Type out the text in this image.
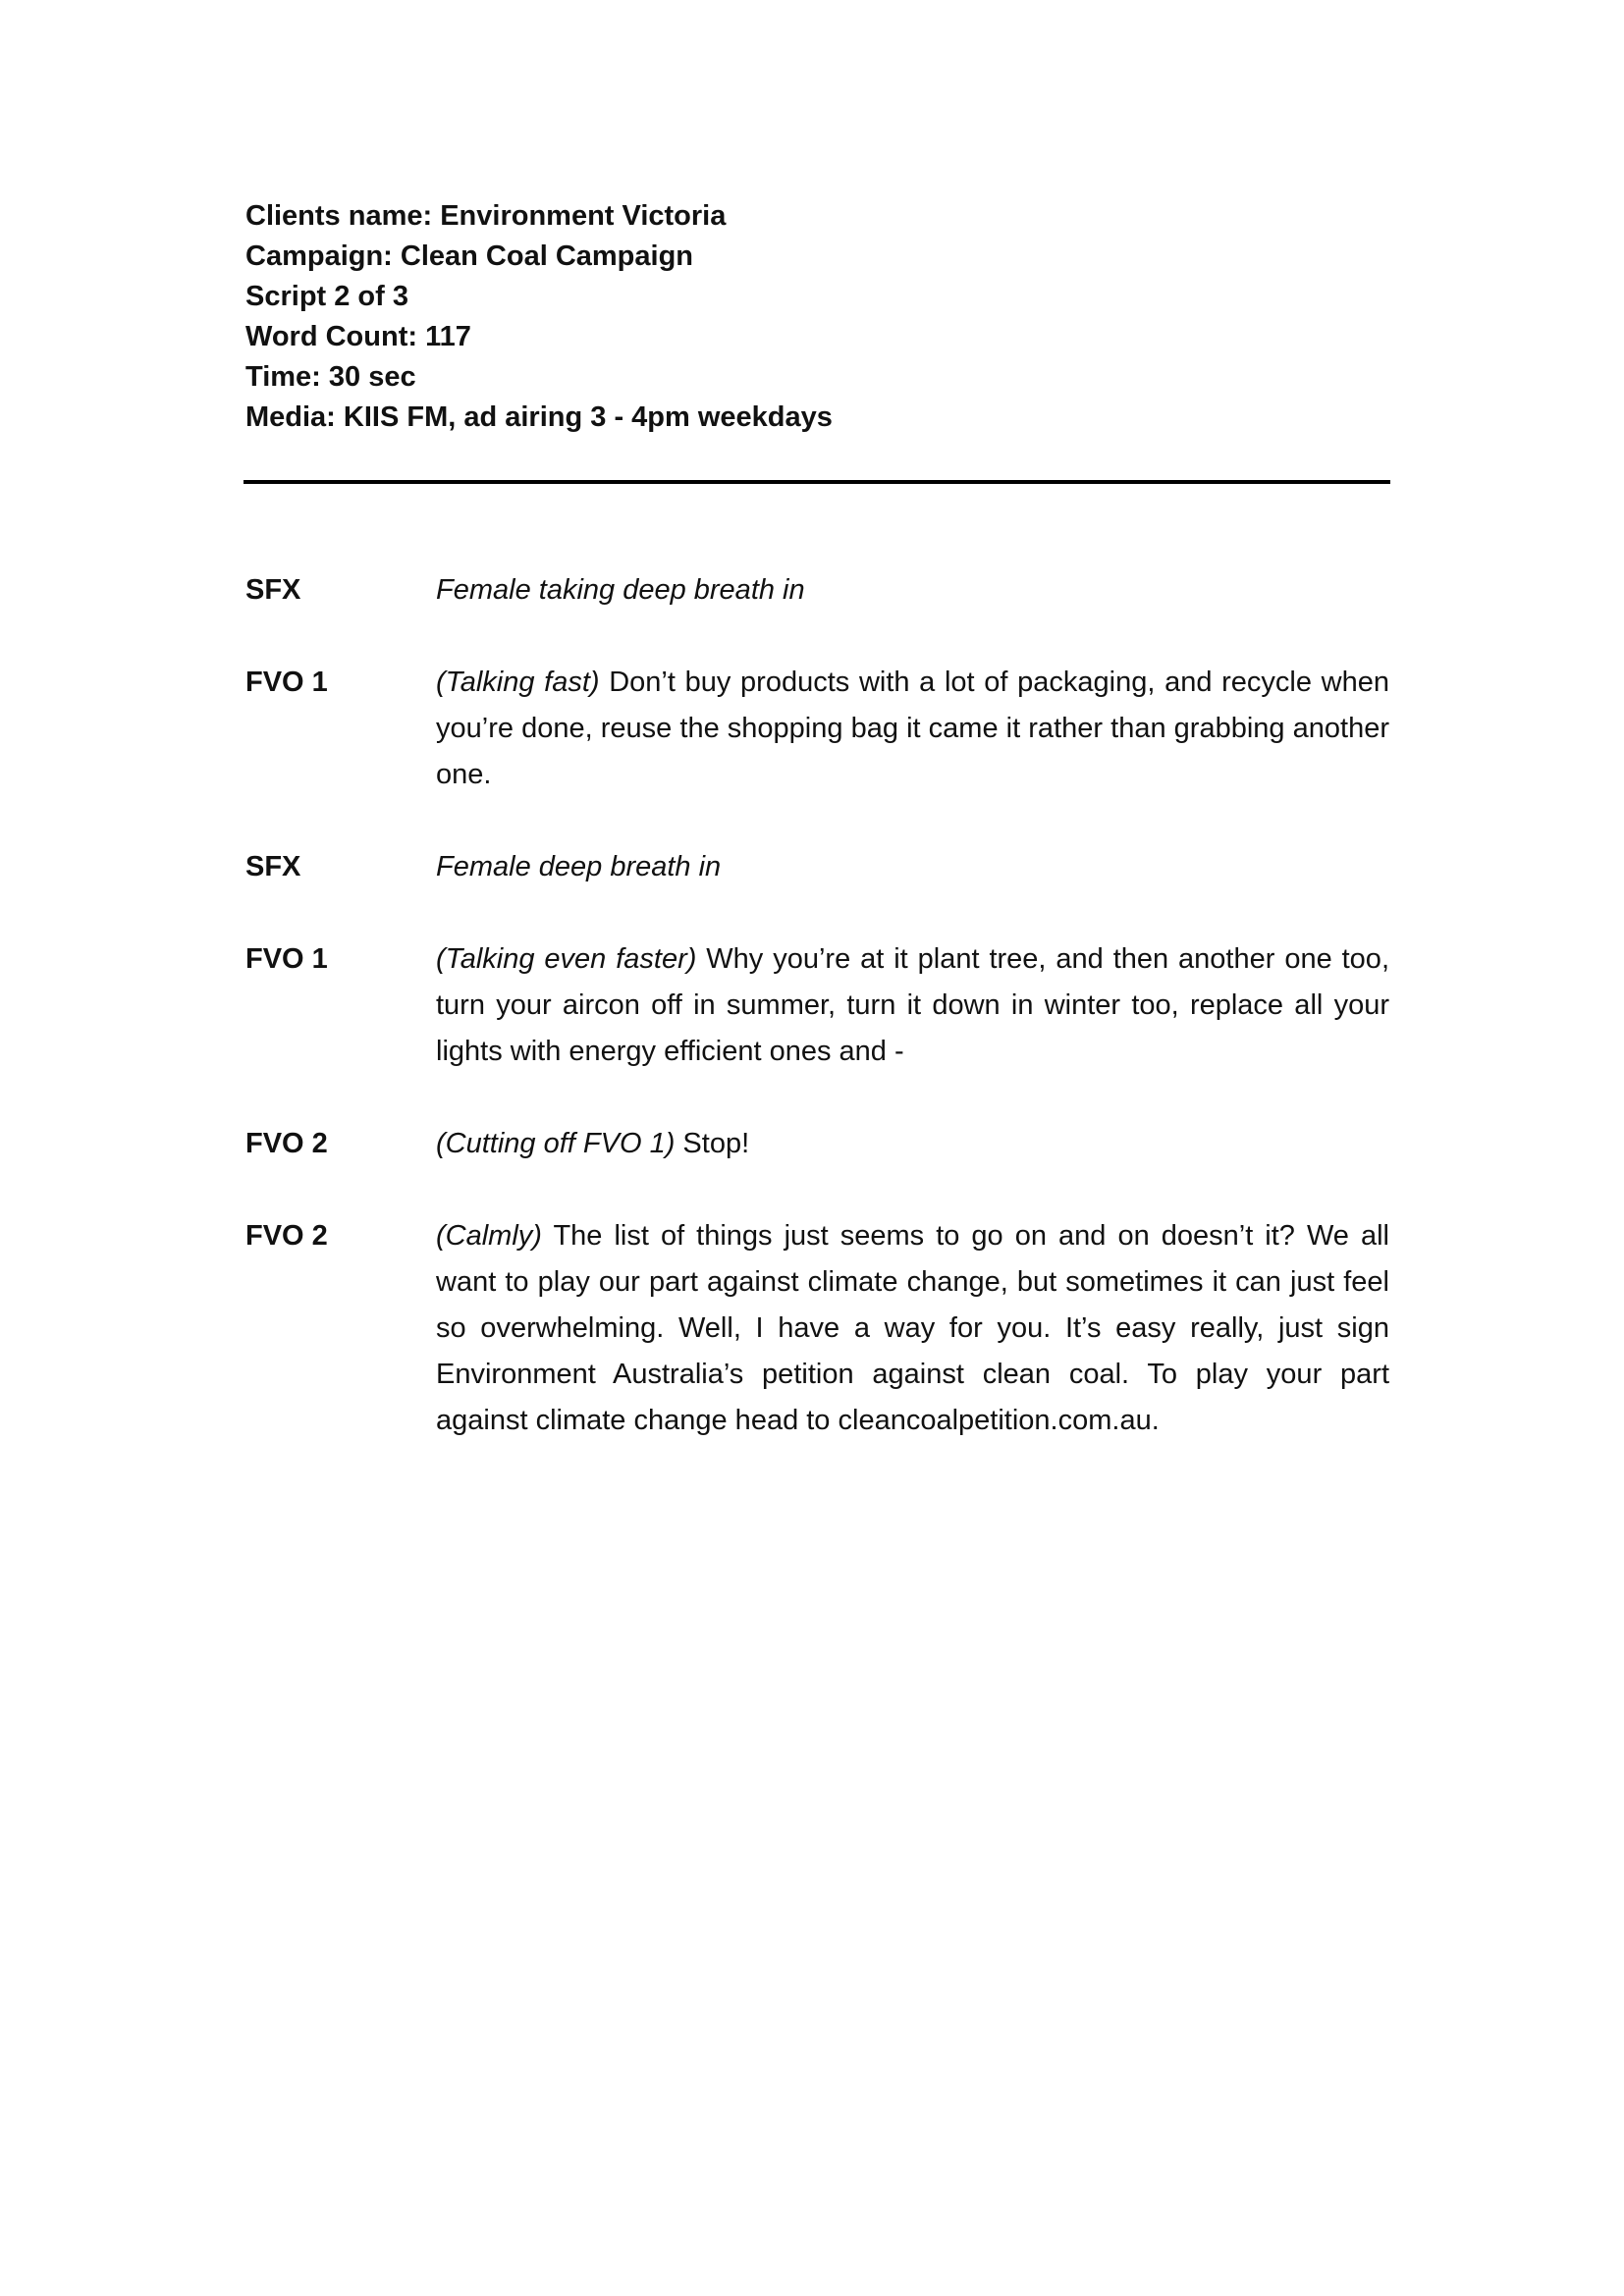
Clients name: Environment Victoria
Campaign: Clean Coal Campaign
Script 2 of 3
Word Count: 117
Time: 30 sec
Media: KIIS FM, ad airing 3 - 4pm weekdays
SFX	Female taking deep breath in
FVO 1	(Talking fast) Don’t buy products with a lot of packaging, and recycle when you’re done, reuse the shopping bag it came it rather than grabbing another one.
SFX	Female deep breath in
FVO 1	(Talking even faster) Why you’re at it plant tree, and then another one too, turn your aircon off in summer, turn it down in winter too, replace all your lights with energy efficient ones and -
FVO 2	(Cutting off FVO 1) Stop!
FVO 2	(Calmly) The list of things just seems to go on and on doesn’t it? We all want to play our part against climate change, but sometimes it can just feel so overwhelming. Well, I have a way for you. It’s easy really, just sign Environment Australia’s petition against clean coal. To play your part against climate change head to cleancoalpetition.com.au.
